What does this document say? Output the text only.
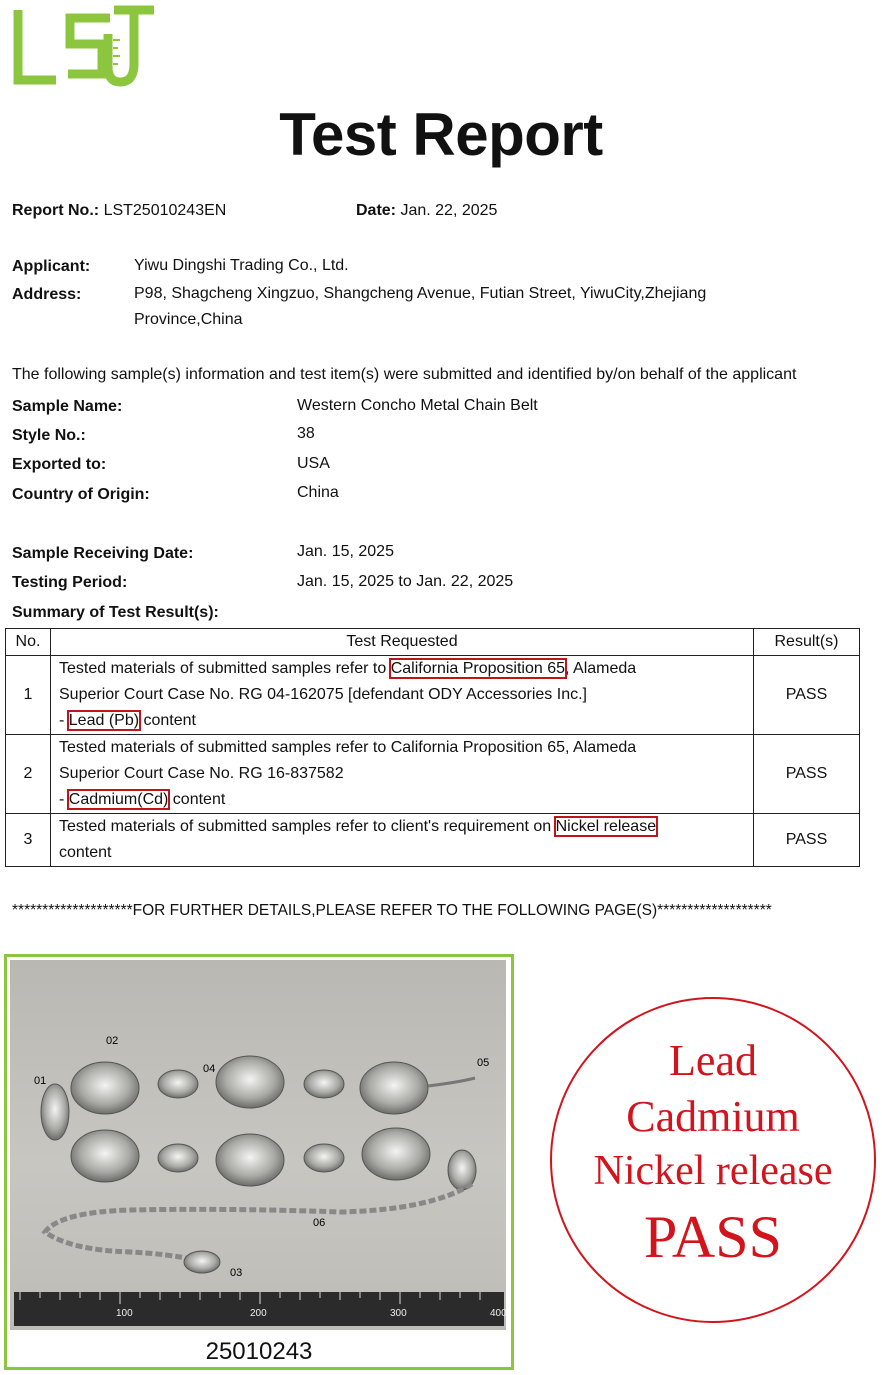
Test Report
Report No.: LST25010243EN	Date: Jan. 22, 2025
Applicant:	Yiwu Dingshi Trading Co., Ltd.
Address:	P98, Shagcheng Xingzuo, Shangcheng Avenue, Futian Street, YiwuCity,Zhejiang
Province,China
The following sample(s) information and test item(s) were submitted and identified by/on behalf of the applicant
Sample Name:	Western Concho Metal Chain Belt
Style No.:	38
Exported to:	USA
Country of Origin:	China
Sample Receiving Date:	Jan. 15, 2025
Testing Period:	Jan. 15, 2025 to Jan. 22, 2025
Summary of Test Result(s):
No.	Test Requested	Result(s)
1	Tested materials of submitted samples refer to California Proposition 65, Alameda
Superior Court Case No. RG 04-162075 [defendant ODY Accessories Inc.]
- Lead (Pb) content	PASS
2	Tested materials of submitted samples refer to California Proposition 65, Alameda
Superior Court Case No. RG 16-837582
- Cadmium(Cd) content	PASS
3	Tested materials of submitted samples refer to client's requirement on Nickel release
content	PASS
********************FOR FURTHER DETAILS,PLEASE REFER TO THE FOLLOWING PAGE(S)*******************
01
02
03
04	05
06
100	200	300	400
25010243
Lead
Cadmium
Nickel release
PASS
